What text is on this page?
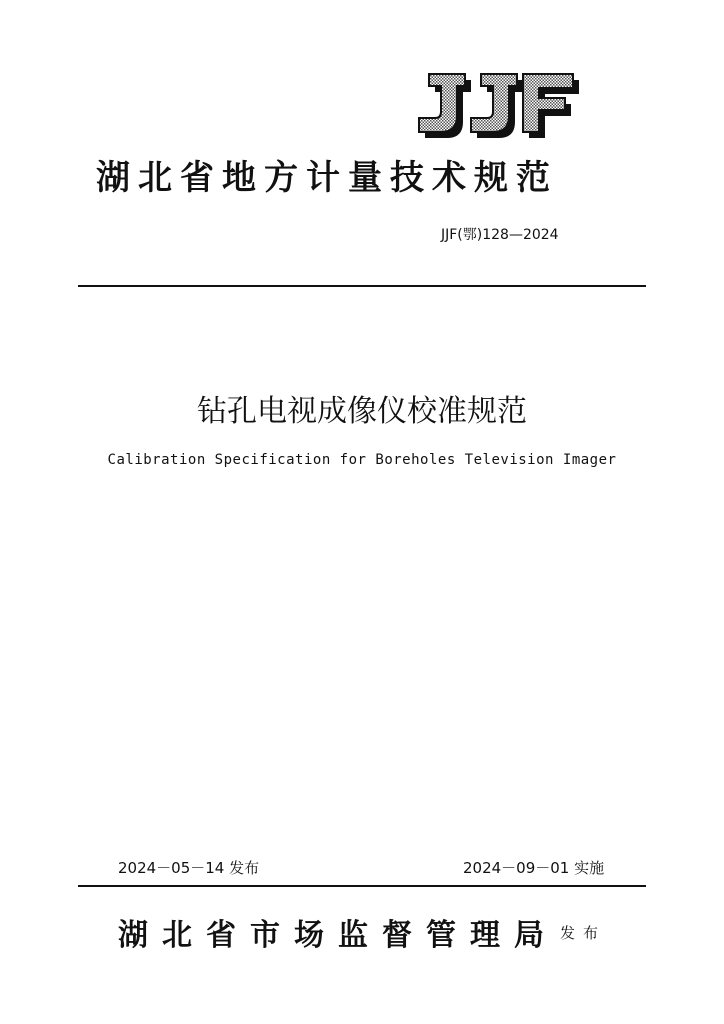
湖北省地方计量技术规范
JJF(鄂)128—2024
钻孔电视成像仪校准规范
Calibration Specification for Boreholes Television Imager
2024－05－14 发布	2024－09－01 实施
湖北省市场监督管理局 发布
